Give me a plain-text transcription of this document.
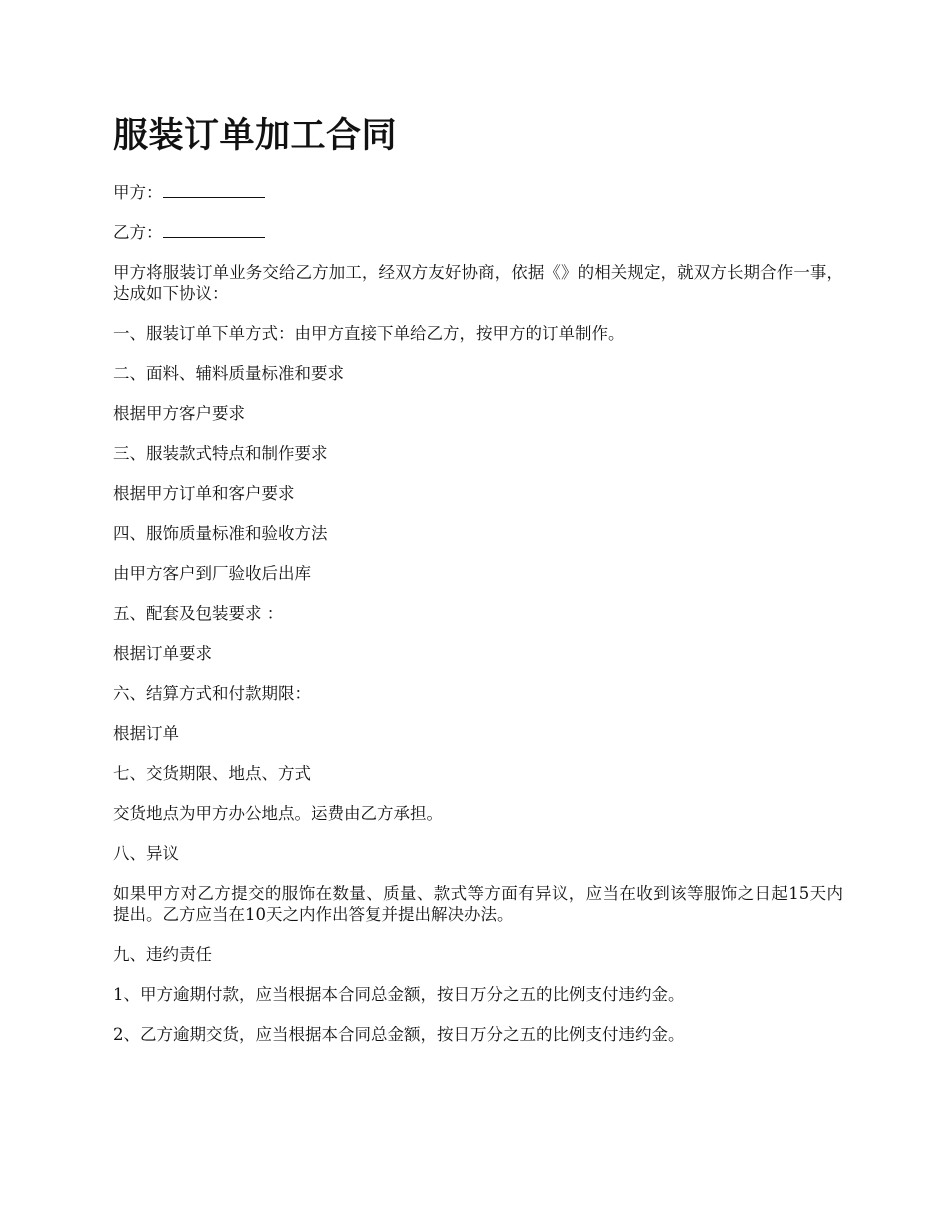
服装订单加工合同

甲方：

乙方：

甲方将服装订单业务交给乙方加工，经双方友好协商，依据《》的相关规定，就双方长期合作一事，达成如下协议：

一、服装订单下单方式：由甲方直接下单给乙方，按甲方的订单制作。

二、面料、辅料质量标准和要求

根据甲方客户要求

三、服装款式特点和制作要求

根据甲方订单和客户要求

四、服饰质量标准和验收方法

由甲方客户到厂验收后出库

五、配套及包装要求 ：

根据订单要求

六、结算方式和付款期限：

根据订单

七、交货期限、地点、方式

交货地点为甲方办公地点。运费由乙方承担。

八、异议

如果甲方对乙方提交的服饰在数量、质量、款式等方面有异议，应当在收到该等服饰之日起15天内提出。乙方应当在10天之内作出答复并提出解决办法。

九、违约责任

1、甲方逾期付款，应当根据本合同总金额，按日万分之五的比例支付违约金。

2、乙方逾期交货，应当根据本合同总金额，按日万分之五的比例支付违约金。
